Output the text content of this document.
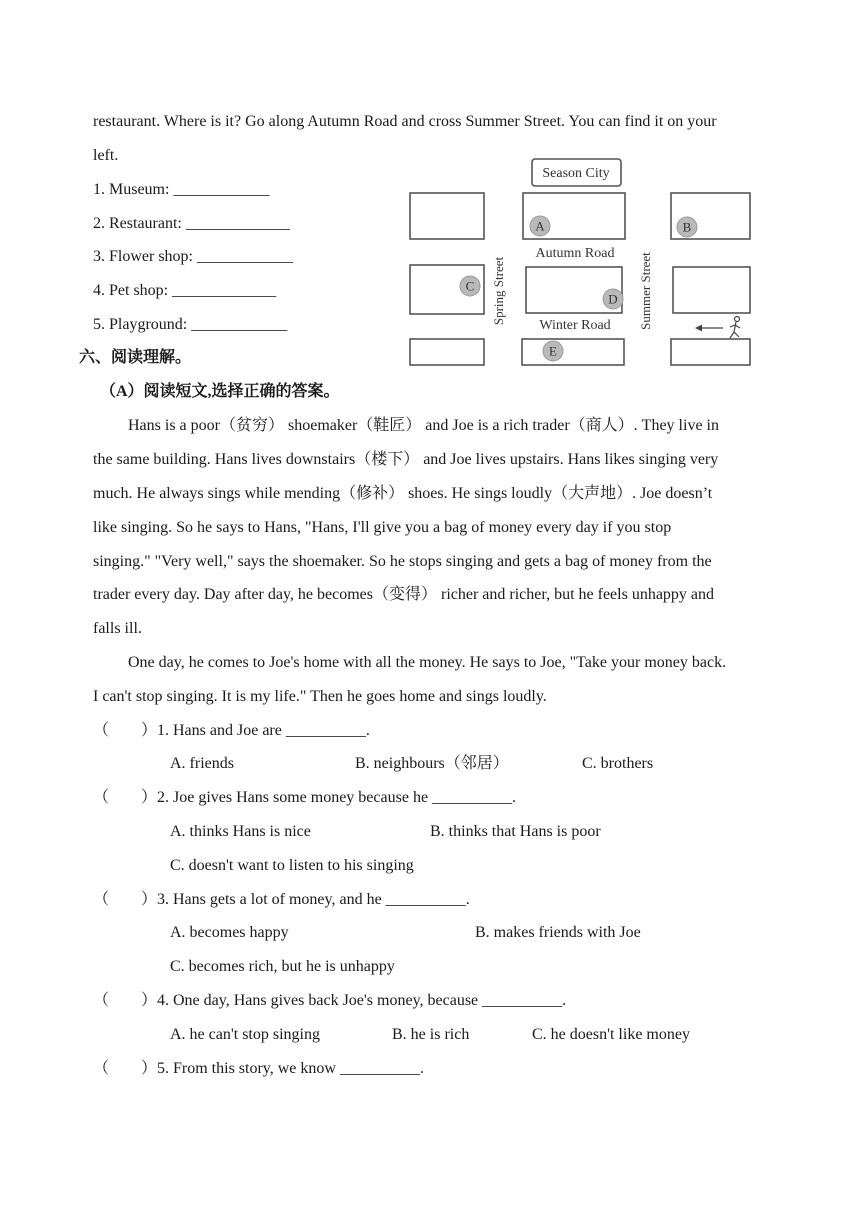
restaurant. Where is it? Go along Autumn Road and cross Summer Street. You can find it on your
left.
1. Museum: ____________
2. Restaurant: _____________
3. Flower shop: ____________
4. Pet shop: _____________
5. Playground: ____________
Season City
Autumn Road
Winter Road
Spring Street	Summer Street
A	B
C
D
E
六、阅读理解。
（A）阅读短文,选择正确的答案。
Hans is a poor（贫穷） shoemaker（鞋匠） and Joe is a rich trader（商人）. They live in
the same building. Hans lives downstairs（楼下） and Joe lives upstairs. Hans likes singing very
much. He always sings while mending（修补） shoes. He sings loudly（大声地）. Joe doesn’t
like singing. So he says to Hans, "Hans, I'll give you a bag of money every day if you stop
singing." "Very well," says the shoemaker. So he stops singing and gets a bag of money from the
trader every day. Day after day, he becomes（变得） richer and richer, but he feels unhappy and
falls ill.
One day, he comes to Joe's home with all the money. He says to Joe, "Take your money back.
I can't stop singing. It is my life." Then he goes home and sings loudly.
（　　）1. Hans and Joe are __________.
A. friends	B. neighbours（邻居）	C. brothers
（　　）2. Joe gives Hans some money because he __________.
A. thinks Hans is nice	B. thinks that Hans is poor
C. doesn't want to listen to his singing
（　　）3. Hans gets a lot of money, and he __________.
A. becomes happy	B. makes friends with Joe
C. becomes rich, but he is unhappy
（　　）4. One day, Hans gives back Joe's money, because __________.
A. he can't stop singing	B. he is rich	C. he doesn't like money
（　　）5. From this story, we know __________.
